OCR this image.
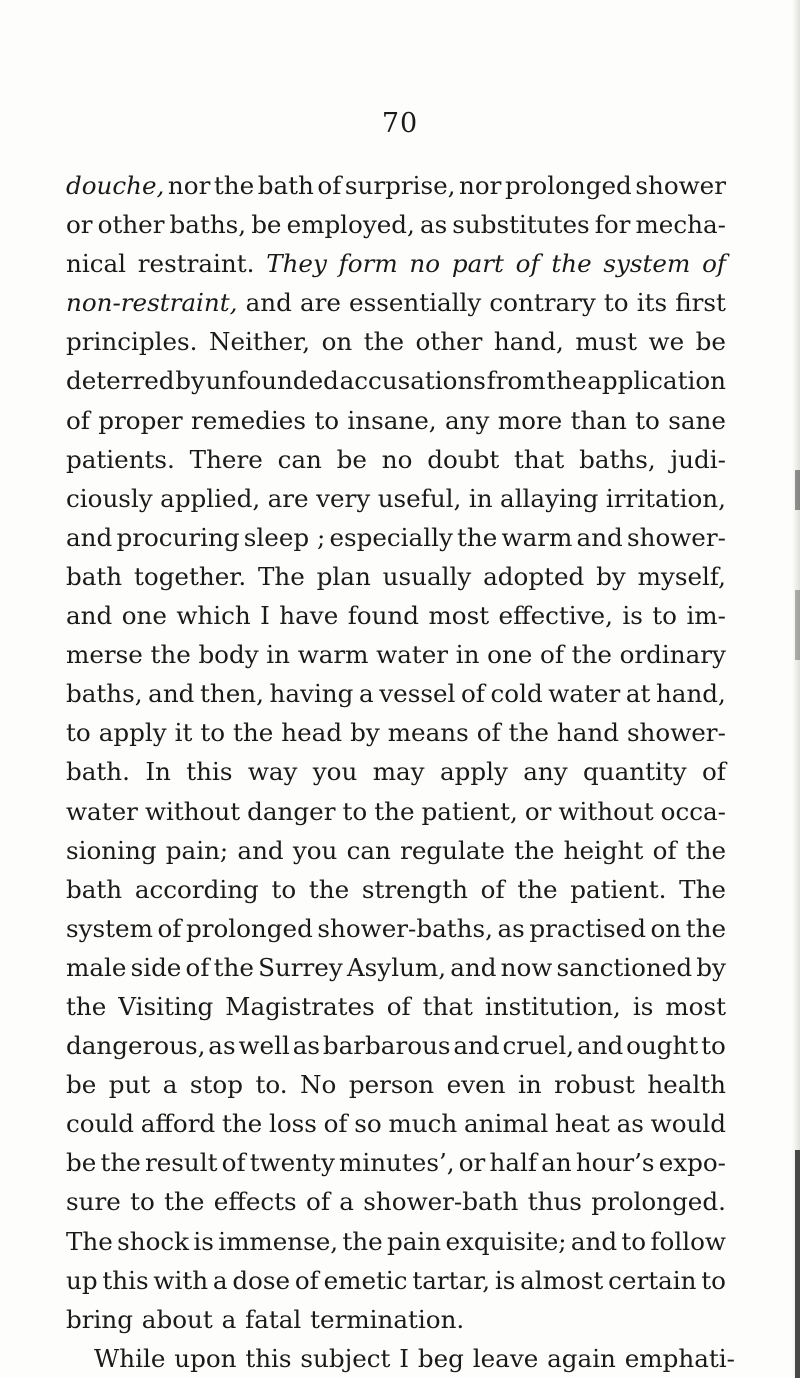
70
douche, nor the bath of surprise, nor prolonged shower
or other baths, be employed, as substitutes for mecha-
nical restraint. They form no part of the system of
non-restraint, and are essentially contrary to its first
principles. Neither, on the other hand, must we be
deterred by unfounded accusations from the application
of proper remedies to insane, any more than to sane
patients. There can be no doubt that baths, judi-
ciously applied, are very useful, in allaying irritation,
and procuring sleep ; especially the warm and shower-
bath together. The plan usually adopted by myself,
and one which I have found most effective, is to im-
merse the body in warm water in one of the ordinary
baths, and then, having a vessel of cold water at hand,
to apply it to the head by means of the hand shower-
bath. In this way you may apply any quantity of
water without danger to the patient, or without occa-
sioning pain; and you can regulate the height of the
bath according to the strength of the patient. The
system of prolonged shower-baths, as practised on the
male side of the Surrey Asylum, and now sanctioned by
the Visiting Magistrates of that institution, is most
dangerous, as well as barbarous and cruel, and ought to
be put a stop to. No person even in robust health
could afford the loss of so much animal heat as would
be the result of twenty minutes’, or half an hour’s expo-
sure to the effects of a shower-bath thus prolonged.
The shock is immense, the pain exquisite; and to follow
up this with a dose of emetic tartar, is almost certain to
bring about a fatal termination.
While upon this subject I beg leave again emphati-
